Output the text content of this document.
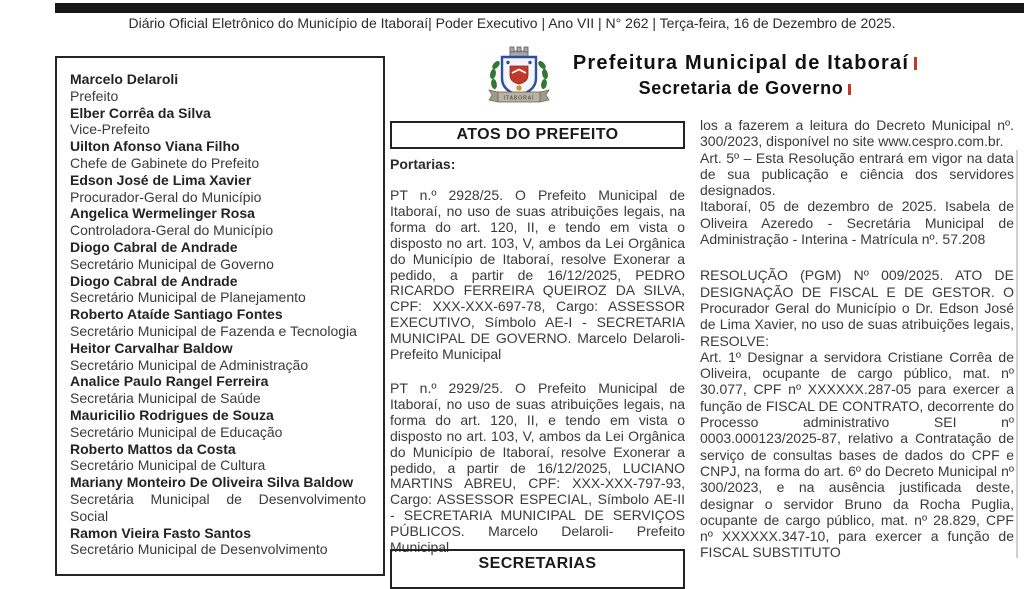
Diário Oficial Eletrônico do Município de Itaboraí| Poder Executivo | Ano VII | N° 262 | Terça-feira, 16 de Dezembro de 2025.
Marcelo Delaroli
Prefeito
Elber Corrêa da Silva
Vice-Prefeito
Uilton Afonso Viana Filho
Chefe de Gabinete do Prefeito
Edson José de Lima Xavier
Procurador-Geral do Município
Angelica Wermelinger Rosa
Controladora-Geral do Município
Diogo Cabral de Andrade
Secretário Municipal de Governo
Diogo Cabral de Andrade
Secretário Municipal de Planejamento
Roberto Ataíde Santiago Fontes
Secretário Municipal de Fazenda e Tecnologia
Heitor Carvalhar Baldow
Secretário Municipal de Administração
Analice Paulo Rangel Ferreira
Secretária Municipal de Saúde
Mauricilio Rodrigues de Souza
Secretário Municipal de Educação
Roberto Mattos da Costa
Secretário Municipal de Cultura
Mariany Monteiro De Oliveira Silva Baldow
Secretária Municipal de Desenvolvimento Social
Ramon Vieira Fasto Santos
Secretário Municipal de Desenvolvimento
ITABORAÍ
Prefeitura Municipal de Itaboraí
Secretaria de Governo
ATOS DO PREFEITO
Portarias:

PT n.º 2928/25. O Prefeito Municipal de Itaboraí, no uso de suas atribuições legais, na forma do art. 120, II, e tendo em vista o disposto no art. 103, V, ambos da Lei Orgânica do Município de Itaboraí, resolve Exonerar a pedido, a partir de 16/12/2025, PEDRO RICARDO FERREIRA QUEIROZ DA SILVA, CPF: XXX-XXX-697-78, Cargo: ASSESSOR EXECUTIVO, Símbolo AE-I - SECRETARIA MUNICIPAL DE GOVERNO. Marcelo Delaroli- Prefeito Municipal

PT n.º 2929/25. O Prefeito Municipal de Itaboraí, no uso de suas atribuições legais, na forma do art. 120, II, e tendo em vista o disposto no art. 103, V, ambos da Lei Orgânica do Município de Itaboraí, resolve Exonerar a pedido, a partir de 16/12/2025, LUCIANO MARTINS ABREU, CPF: XXX-XXX-797-93, Cargo: ASSESSOR ESPECIAL, Símbolo AE-II - SECRETARIA MUNICIPAL DE SERVIÇOS PÚBLICOS. Marcelo Delaroli- Prefeito Municipal

SECRETARIAS

los a fazerem a leitura do Decreto Municipal nº. 300/2023, disponível no site www.cespro.com.br.

Art. 5º – Esta Resolução entrará em vigor na data de sua publicação e ciência dos servidores designados.

Itaboraí, 05 de dezembro de 2025. Isabela de Oliveira Azeredo - Secretária Municipal de Administração - Interina - Matrícula nº. 57.208

RESOLUÇÃO (PGM) Nº 009/2025. ATO DE DESIGNAÇÃO DE FISCAL E DE GESTOR. O Procurador Geral do Município o Dr. Edson José de Lima Xavier, no uso de suas atribuições legais, RESOLVE:

Art. 1º Designar a servidora Cristiane Corrêa de Oliveira, ocupante de cargo público, mat. nº 30.077, CPF nº XXXXXX.287-05 para exercer a função de FISCAL DE CONTRATO, decorrente do Processo administrativo SEI nº 0003.000123/2025-87, relativo a Contratação de serviço de consultas bases de dados do CPF e CNPJ, na forma do art. 6º do Decreto Municipal nº 300/2023, e na ausência justificada deste, designar o servidor Bruno da Rocha Puglia, ocupante de cargo público, mat. nº 28.829, CPF nº XXXXXX.347-10, para exercer a função de FISCAL SUBSTITUTO
